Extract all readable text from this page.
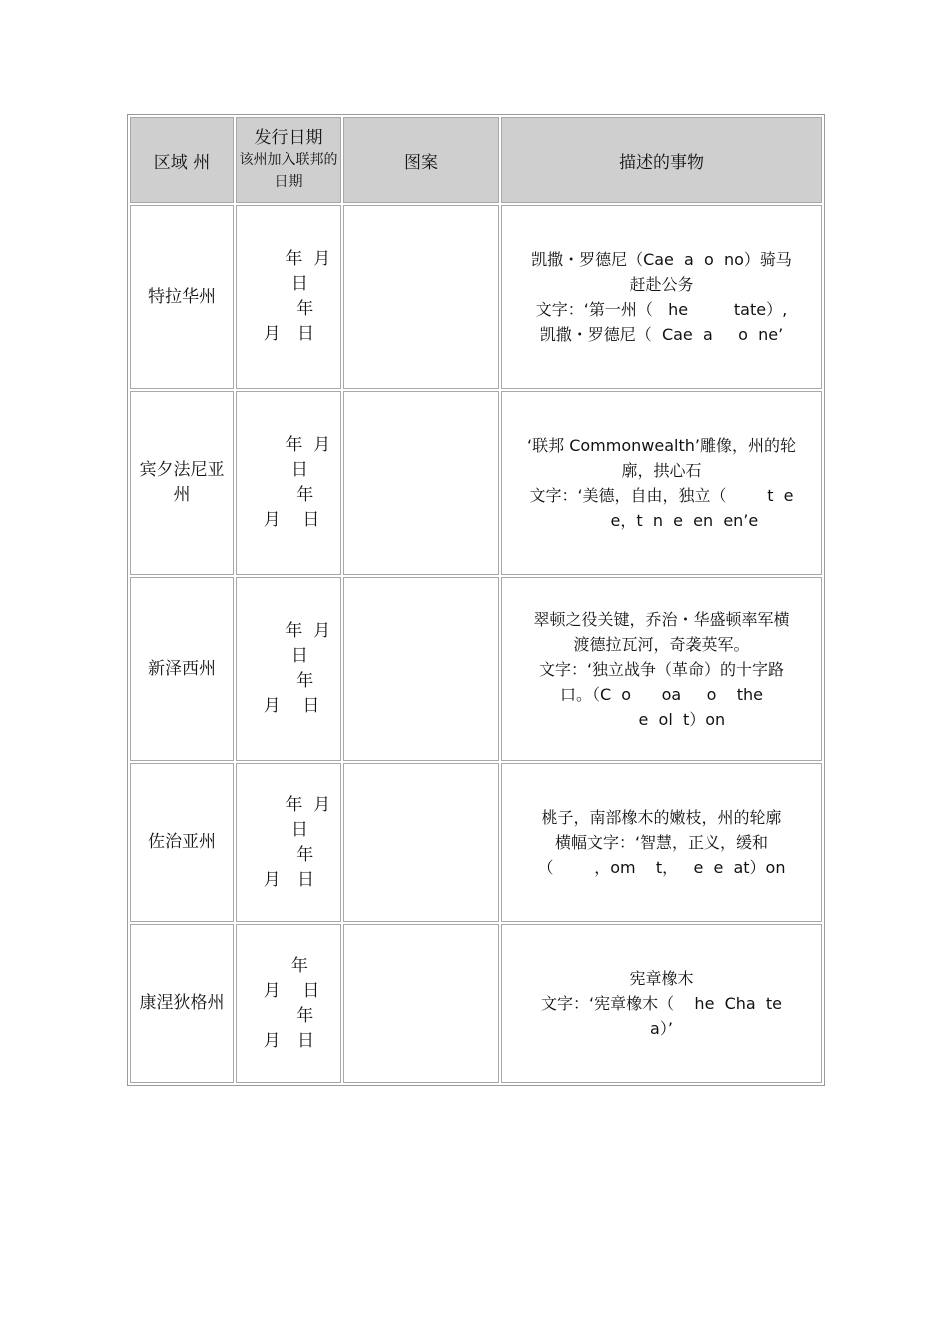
区域 州	发行日期
该州加入联邦的日期	图案	描述的事物
特拉华州	年  月
日
年
月   日		凯撒・罗德尼（Cae  a  o  no）骑马
赶赴公务
文字：‘第一州（   he         tate）,
凯撒・罗德尼（  Cae  a     o  ne’

宾夕法尼亚州	年  月
日
年
月    日		‘联邦 Commonwealth’雕像，州的轮
廓，拱心石
文字：‘美德，自由，独立（        t  e
e，t  n  e  en  en’e

新泽西州	年  月
日
年
月    日		翠顿之役关键，乔治・华盛顿率军横
渡德拉瓦河，奇袭英军。
文字：‘独立战争（革命）的十字路
口。（C  o      oa     o    the
e  ol  t）on

佐治亚州	年  月
日
年
月   日		桃子，南部橡木的嫩枝，州的轮廓
横幅文字：‘智慧，正义，缓和
（        ，om    t，   e  e  at）on

康涅狄格州	年
月    日
年
月   日		宪章橡木
文字：‘宪章橡木（    he  Cha  te
a）’
